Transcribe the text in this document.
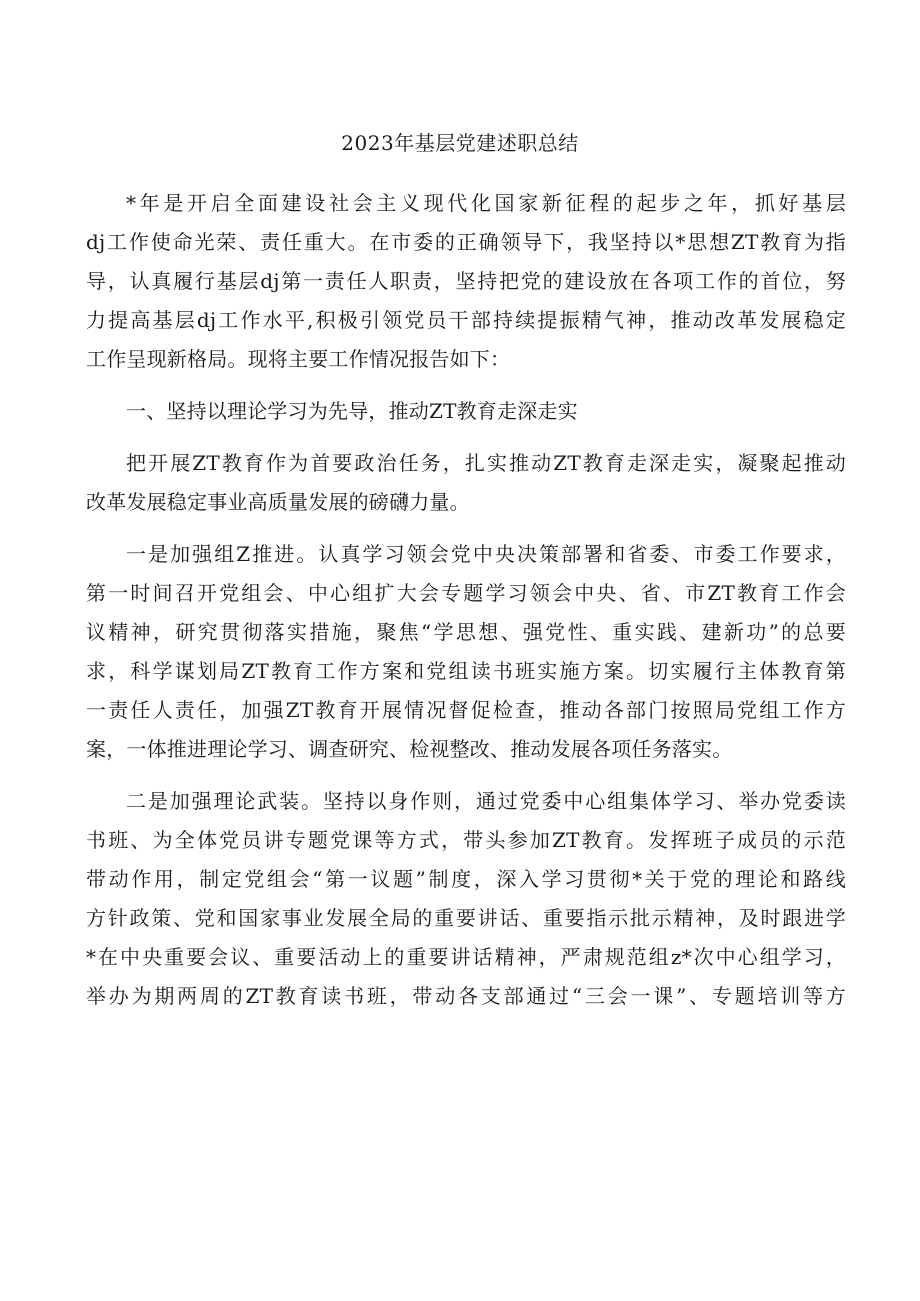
2023年基层党建述职总结
*年是开启全面建设社会主义现代化国家新征程的起步之年，抓好基层
dj工作使命光荣、责任重大。在市委的正确领导下，我坚持以*思想ZT教育为指
导，认真履行基层dj第一责任人职责，坚持把党的建设放在各项工作的首位，努
力提高基层dj工作水平,积极引领党员干部持续提振精气神，推动改革发展稳定
工作呈现新格局。现将主要工作情况报告如下：
一、坚持以理论学习为先导，推动ZT教育走深走实
把开展ZT教育作为首要政治任务，扎实推动ZT教育走深走实，凝聚起推动
改革发展稳定事业高质量发展的磅礴力量。
一是加强组Z推进。认真学习领会党中央决策部署和省委、市委工作要求，
第一时间召开党组会、中心组扩大会专题学习领会中央、省、市ZT教育工作会
议精神，研究贯彻落实措施，聚焦“学思想、强党性、重实践、建新功”的总要
求，科学谋划局ZT教育工作方案和党组读书班实施方案。切实履行主体教育第
一责任人责任，加强ZT教育开展情况督促检查，推动各部门按照局党组工作方
案，一体推进理论学习、调查研究、检视整改、推动发展各项任务落实。
二是加强理论武装。坚持以身作则，通过党委中心组集体学习、举办党委读
书班、为全体党员讲专题党课等方式，带头参加ZT教育。发挥班子成员的示范
带动作用，制定党组会“第一议题”制度，深入学习贯彻*关于党的理论和路线
方针政策、党和国家事业发展全局的重要讲话、重要指示批示精神，及时跟进学
*在中央重要会议、重要活动上的重要讲话精神，严肃规范组z*次中心组学习，
举办为期两周的ZT教育读书班，带动各支部通过“三会一课”、专题培训等方
